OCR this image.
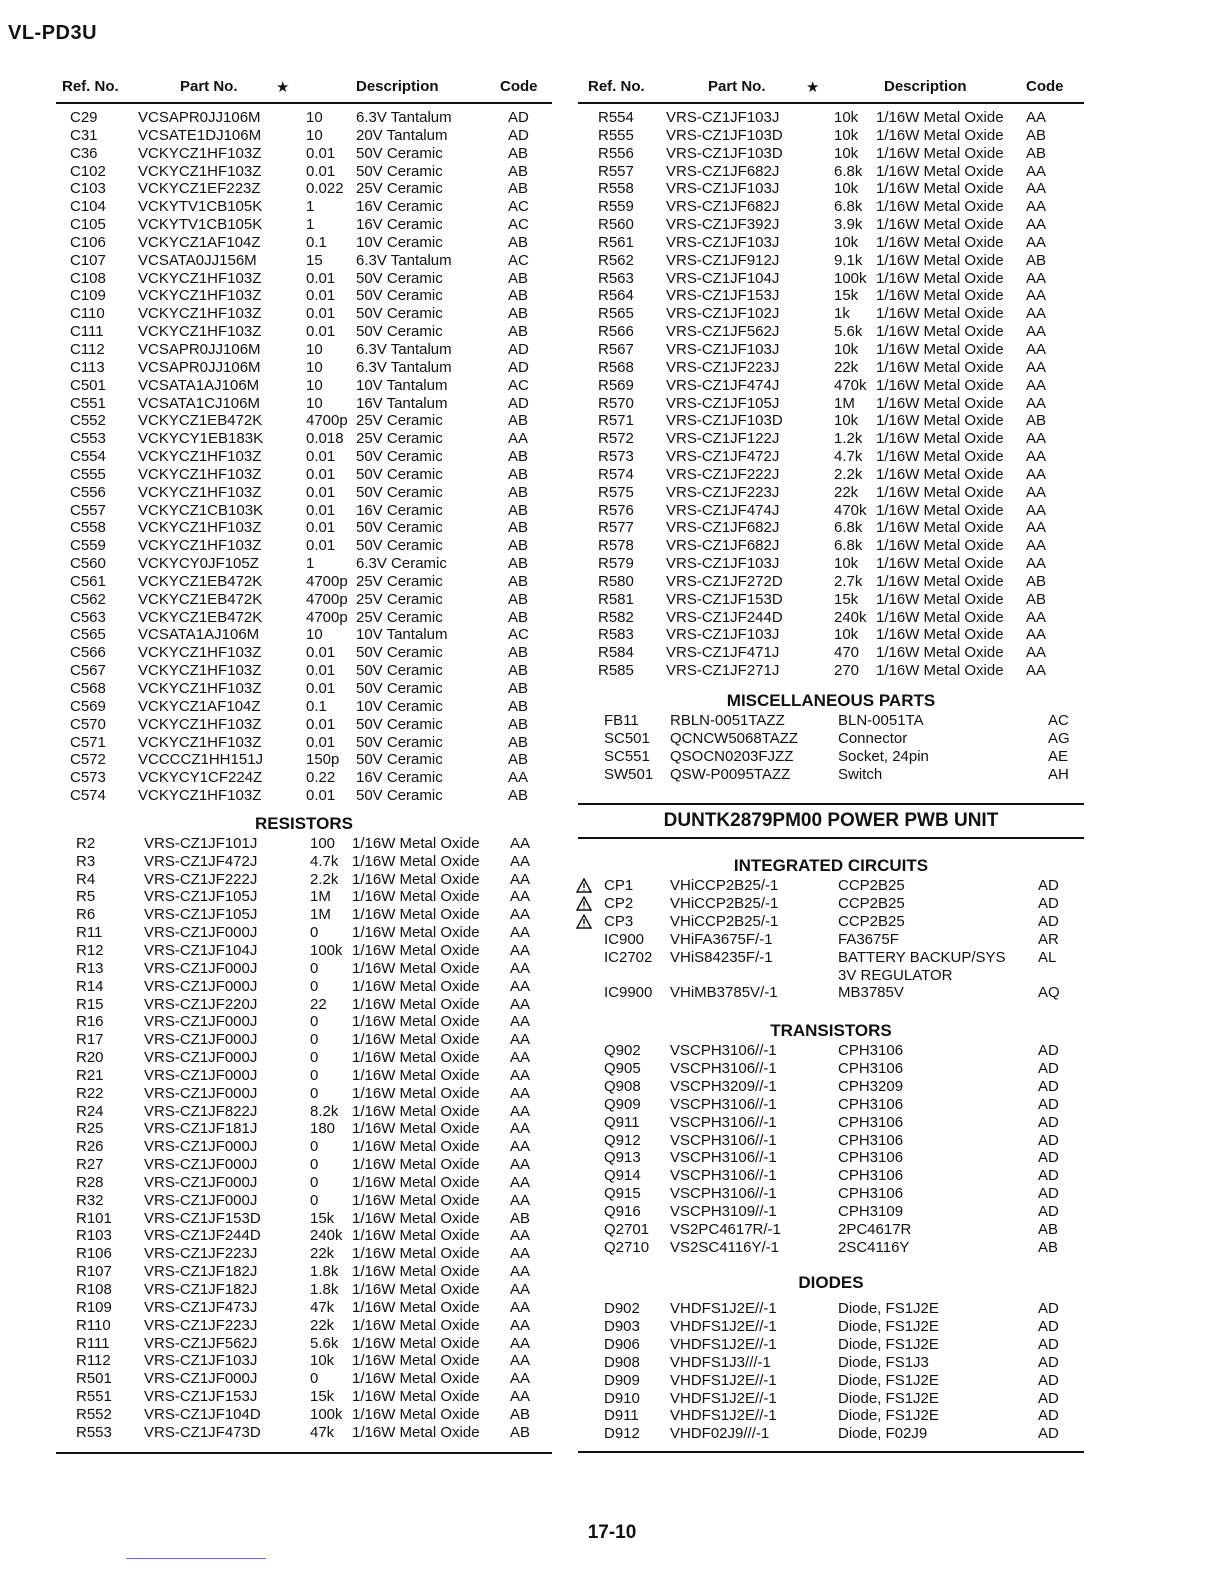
VL-PD3U
Ref. No.	Part No.	★	Description	Code
C29	VCSAPR0JJ106M	10 6.3V Tantalum	AD
C31	VCSATE1DJ106M	10 20V Tantalum	AD
C36	VCKYCZ1HF103Z	0.01 50V Ceramic	AB
C102 VCKYCZ1HF103Z	0.01 50V Ceramic	AB
C103 VCKYCZ1EF223Z	0.022 25V Ceramic	AB
C104 VCKYTV1CB105K	1	16V Ceramic	AC
C105 VCKYTV1CB105K	1	16V Ceramic	AC
C106 VCKYCZ1AF104Z	0.1 10V Ceramic	AB
C107 VCSATA0JJ156M	15 6.3V Tantalum	AC
C108 VCKYCZ1HF103Z	0.01 50V Ceramic	AB
C109 VCKYCZ1HF103Z	0.01 50V Ceramic	AB
C110 VCKYCZ1HF103Z	0.01 50V Ceramic	AB
C111 VCKYCZ1HF103Z	0.01 50V Ceramic	AB
C112 VCSAPR0JJ106M	10 6.3V Tantalum	AD
C113 VCSAPR0JJ106M	10 6.3V Tantalum	AD
C501 VCSATA1AJ106M	10 10V Tantalum	AC
C551 VCSATA1CJ106M	10 16V Tantalum	AD
C552 VCKYCZ1EB472K	4700p 25V Ceramic	AB
C553 VCKYCY1EB183K	0.018 25V Ceramic	AA
C554 VCKYCZ1HF103Z	0.01 50V Ceramic	AB
C555 VCKYCZ1HF103Z	0.01 50V Ceramic	AB
C556 VCKYCZ1HF103Z	0.01 50V Ceramic	AB
C557 VCKYCZ1CB103K	0.01 16V Ceramic	AB
C558 VCKYCZ1HF103Z	0.01 50V Ceramic	AB
C559 VCKYCZ1HF103Z	0.01 50V Ceramic	AB
C560 VCKYCY0JF105Z	1	6.3V Ceramic	AB
C561 VCKYCZ1EB472K	4700p 25V Ceramic	AB
C562 VCKYCZ1EB472K	4700p 25V Ceramic	AB
C563 VCKYCZ1EB472K	4700p 25V Ceramic	AB
C565 VCSATA1AJ106M	10 10V Tantalum	AC
C566 VCKYCZ1HF103Z	0.01 50V Ceramic	AB
C567 VCKYCZ1HF103Z	0.01 50V Ceramic	AB
C568 VCKYCZ1HF103Z	0.01 50V Ceramic	AB
C569 VCKYCZ1AF104Z	0.1 10V Ceramic	AB
C570 VCKYCZ1HF103Z	0.01 50V Ceramic	AB
C571 VCKYCZ1HF103Z	0.01 50V Ceramic	AB
C572 VCCCCZ1HH151J	150p 50V Ceramic	AB
C573 VCKYCY1CF224Z	0.22 16V Ceramic	AA
C574 VCKYCZ1HF103Z	0.01 50V Ceramic	AB
RESISTORS
R2	VRS-CZ1JF101J	100 1/16W Metal Oxide AA
R3	VRS-CZ1JF472J	4.7k 1/16W Metal Oxide AA
R4	VRS-CZ1JF222J	2.2k 1/16W Metal Oxide AA
R5	VRS-CZ1JF105J	1M 1/16W Metal Oxide AA
R6	VRS-CZ1JF105J	1M 1/16W Metal Oxide AA
R11	VRS-CZ1JF000J	0 1/16W Metal Oxide AA
R12	VRS-CZ1JF104J	100k 1/16W Metal Oxide AA
R13	VRS-CZ1JF000J	0 1/16W Metal Oxide AA
R14	VRS-CZ1JF000J	0 1/16W Metal Oxide AA
R15	VRS-CZ1JF220J	22 1/16W Metal Oxide AA
R16	VRS-CZ1JF000J	0 1/16W Metal Oxide AA
R17	VRS-CZ1JF000J	0 1/16W Metal Oxide AA
R20	VRS-CZ1JF000J	0 1/16W Metal Oxide AA
R21	VRS-CZ1JF000J	0 1/16W Metal Oxide AA
R22	VRS-CZ1JF000J	0 1/16W Metal Oxide AA
R24	VRS-CZ1JF822J	8.2k 1/16W Metal Oxide AA
R25	VRS-CZ1JF181J	180 1/16W Metal Oxide AA
R26	VRS-CZ1JF000J	0 1/16W Metal Oxide AA
R27	VRS-CZ1JF000J	0 1/16W Metal Oxide AA
R28	VRS-CZ1JF000J	0 1/16W Metal Oxide AA
R32	VRS-CZ1JF000J	0 1/16W Metal Oxide AA
R101 VRS-CZ1JF153D	15k 1/16W Metal Oxide AB
R103 VRS-CZ1JF244D	240k 1/16W Metal Oxide AA
R106 VRS-CZ1JF223J	22k 1/16W Metal Oxide AA
R107 VRS-CZ1JF182J	1.8k 1/16W Metal Oxide AA
R108 VRS-CZ1JF182J	1.8k 1/16W Metal Oxide AA
R109 VRS-CZ1JF473J	47k 1/16W Metal Oxide AA
R110 VRS-CZ1JF223J	22k 1/16W Metal Oxide AA
R111 VRS-CZ1JF562J	5.6k 1/16W Metal Oxide AA
R112 VRS-CZ1JF103J	10k 1/16W Metal Oxide AA
R501 VRS-CZ1JF000J	0 1/16W Metal Oxide AA
R551 VRS-CZ1JF153J	15k 1/16W Metal Oxide AA
R552 VRS-CZ1JF104D	100k 1/16W Metal Oxide AB
R553 VRS-CZ1JF473D	47k 1/16W Metal Oxide AB
Ref. No.	Part No.	★	Description	Code
R554 VRS-CZ1JF103J	10k 1/16W Metal Oxide AA
R555 VRS-CZ1JF103D	10k 1/16W Metal Oxide AB
R556 VRS-CZ1JF103D	10k 1/16W Metal Oxide AB
R557 VRS-CZ1JF682J	6.8k 1/16W Metal Oxide AA
R558 VRS-CZ1JF103J	10k 1/16W Metal Oxide AA
R559 VRS-CZ1JF682J	6.8k 1/16W Metal Oxide AA
R560 VRS-CZ1JF392J	3.9k 1/16W Metal Oxide AA
R561 VRS-CZ1JF103J	10k 1/16W Metal Oxide AA
R562 VRS-CZ1JF912J	9.1k 1/16W Metal Oxide AB
R563 VRS-CZ1JF104J	100k 1/16W Metal Oxide AA
R564 VRS-CZ1JF153J	15k 1/16W Metal Oxide AA
R565 VRS-CZ1JF102J	1k 1/16W Metal Oxide AA
R566 VRS-CZ1JF562J	5.6k 1/16W Metal Oxide AA
R567 VRS-CZ1JF103J	10k 1/16W Metal Oxide AA
R568 VRS-CZ1JF223J	22k 1/16W Metal Oxide AA
R569 VRS-CZ1JF474J	470k 1/16W Metal Oxide AA
R570 VRS-CZ1JF105J	1M 1/16W Metal Oxide AA
R571 VRS-CZ1JF103D	10k 1/16W Metal Oxide AB
R572 VRS-CZ1JF122J	1.2k 1/16W Metal Oxide AA
R573 VRS-CZ1JF472J	4.7k 1/16W Metal Oxide AA
R574 VRS-CZ1JF222J	2.2k 1/16W Metal Oxide AA
R575 VRS-CZ1JF223J	22k 1/16W Metal Oxide AA
R576 VRS-CZ1JF474J	470k 1/16W Metal Oxide AA
R577 VRS-CZ1JF682J	6.8k 1/16W Metal Oxide AA
R578 VRS-CZ1JF682J	6.8k 1/16W Metal Oxide AA
R579 VRS-CZ1JF103J	10k 1/16W Metal Oxide AA
R580 VRS-CZ1JF272D	2.7k 1/16W Metal Oxide AB
R581 VRS-CZ1JF153D	15k 1/16W Metal Oxide AB
R582 VRS-CZ1JF244D	240k 1/16W Metal Oxide AA
R583 VRS-CZ1JF103J	10k 1/16W Metal Oxide AA
R584 VRS-CZ1JF471J	470 1/16W Metal Oxide AA
R585 VRS-CZ1JF271J	270 1/16W Metal Oxide AA
MISCELLANEOUS PARTS
FB11 RBLN-0051TAZZ	BLN-0051TA	AC
SC501 QCNCW5068TAZZ	Connector	AG
SC551 QSOCN0203FJZZ	Socket, 24pin	AE
SW501 QSW-P0095TAZZ	Switch	AH
DUNTK2879PM00 POWER PWB UNIT
INTEGRATED CIRCUITS
CP1 VHiCCP2B25/-1	CCP2B25	AD
CP2 VHiCCP2B25/-1	CCP2B25	AD
CP3 VHiCCP2B25/-1	CCP2B25	AD
IC900 VHiFA3675F/-1	FA3675F	AR
IC2702 VHiS84235F/-1	BATTERY BACKUP/SYS AL
3V REGULATOR
IC9900 VHiMB3785V/-1	MB3785V	AQ
TRANSISTORS
Q902 VSCPH3106//-1	CPH3106	AD
Q905 VSCPH3106//-1	CPH3106	AD
Q908 VSCPH3209//-1	CPH3209	AD
Q909 VSCPH3106//-1	CPH3106	AD
Q911 VSCPH3106//-1	CPH3106	AD
Q912 VSCPH3106//-1	CPH3106	AD
Q913 VSCPH3106//-1	CPH3106	AD
Q914 VSCPH3106//-1	CPH3106	AD
Q915 VSCPH3106//-1	CPH3106	AD
Q916 VSCPH3109//-1	CPH3109	AD
Q2701 VS2PC4617R/-1	2PC4617R	AB
Q2710 VS2SC4116Y/-1	2SC4116Y	AB
DIODES
D902 VHDFS1J2E//-1	Diode, FS1J2E	AD
D903 VHDFS1J2E//-1	Diode, FS1J2E	AD
D906 VHDFS1J2E//-1	Diode, FS1J2E	AD
D908 VHDFS1J3///-1	Diode, FS1J3	AD
D909 VHDFS1J2E//-1	Diode, FS1J2E	AD
D910 VHDFS1J2E//-1	Diode, FS1J2E	AD
D911 VHDFS1J2E//-1	Diode, FS1J2E	AD
D912 VHDF02J9///-1	Diode, F02J9	AD
17-10
